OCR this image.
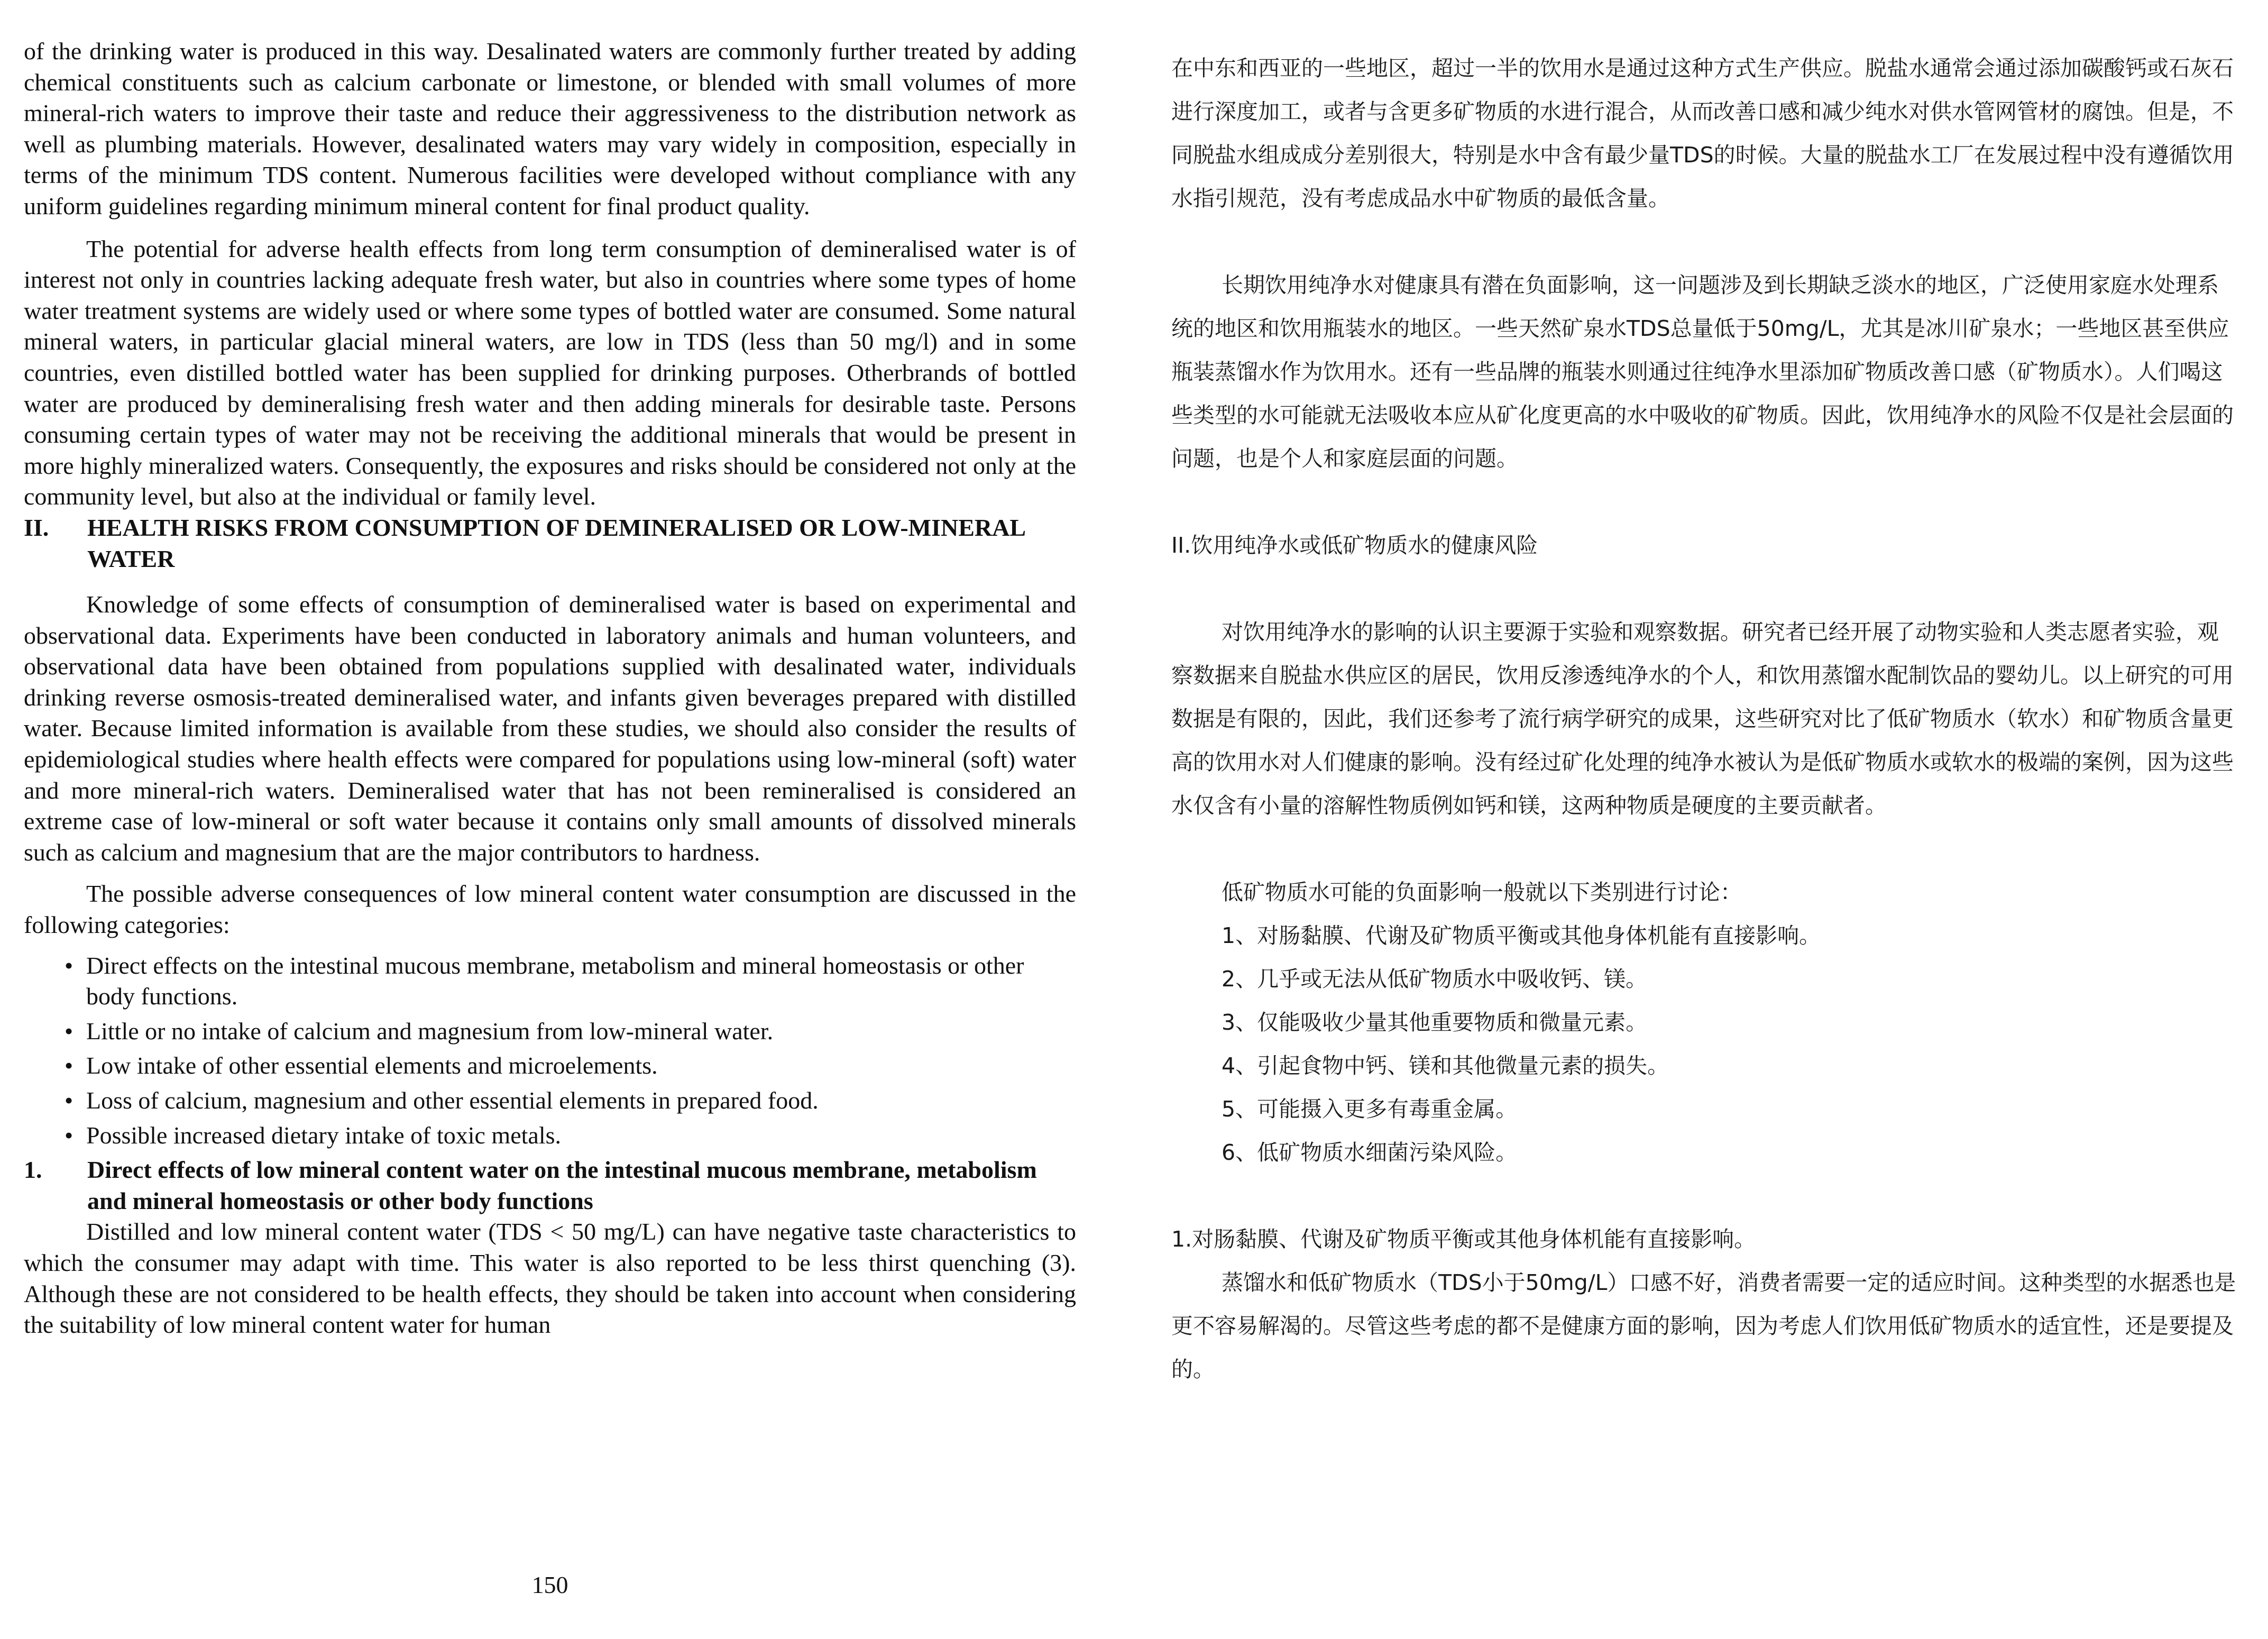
of the drinking water is produced in this way. Desalinated waters are commonly further treated by adding chemical constituents such as calcium carbonate or limestone, or blended with small volumes of more mineral-rich waters to improve their taste and reduce their aggressiveness to the distribution network as well as plumbing materials. However, desalinated waters may vary widely in composition, especially in terms of the minimum TDS content. Numerous facilities were developed without compliance with any uniform guidelines regarding minimum mineral content for final product quality.

The potential for adverse health effects from long term consumption of demineralised water is of interest not only in countries lacking adequate fresh water, but also in countries where some types of home water treatment systems are widely used or where some types of bottled water are consumed. Some natural mineral waters, in particular glacial mineral waters, are low in TDS (less than 50 mg/l) and in some countries, even distilled bottled water has been supplied for drinking purposes. Otherbrands of bottled water are produced by demineralising fresh water and then adding minerals for desirable taste. Persons consuming certain types of water may not be receiving the additional minerals that would be present in more highly mineralized waters. Consequently, the exposures and risks should be considered not only at the community level, but also at the individual or family level.

II.	HEALTH RISKS FROM CONSUMPTION OF DEMINERALISED OR LOW-MINERAL WATER

Knowledge of some effects of consumption of demineralised water is based on experimental and observational data. Experiments have been conducted in laboratory animals and human volunteers, and observational data have been obtained from populations supplied with desalinated water, individuals drinking reverse osmosis-treated demineralised water, and infants given beverages prepared with distilled water. Because limited information is available from these studies, we should also consider the results of epidemiological studies where health effects were compared for populations using low-mineral (soft) water and more mineral-rich waters. Demineralised water that has not been remineralised is considered an extreme case of low-mineral or soft water because it contains only small amounts of dissolved minerals such as calcium and magnesium that are the major contributors to hardness.

The possible adverse consequences of low mineral content water consumption are discussed in the following categories:

• Direct effects on the intestinal mucous membrane, metabolism and mineral homeostasis or other body functions.
• Little or no intake of calcium and magnesium from low-mineral water.
• Low intake of other essential elements and microelements.
• Loss of calcium, magnesium and other essential elements in prepared food.
• Possible increased dietary intake of toxic metals.
1.	Direct effects of low mineral content water on the intestinal mucous membrane, metabolism and mineral homeostasis or other body functions

Distilled and low mineral content water (TDS < 50 mg/L) can have negative taste characteristics to which the consumer may adapt with time. This water is also reported to be less thirst quenching (3). Although these are not considered to be health effects, they should be taken into account when considering the suitability of low mineral content water for human

150

在中东和西亚的一些地区，超过一半的饮用水是通过这种方式生产供应。脱盐水通常会通过添加碳酸钙或石灰石进行深度加工，或者与含更多矿物质的水进行混合，从而改善口感和减少纯水对供水管网管材的腐蚀。但是，不同脱盐水组成成分差别很大，特别是水中含有最少量TDS的时候。大量的脱盐水工厂在发展过程中没有遵循饮用水指引规范，没有考虑成品水中矿物质的最低含量。

长期饮用纯净水对健康具有潜在负面影响，这一问题涉及到长期缺乏淡水的地区，广泛使用家庭水处理系统的地区和饮用瓶装水的地区。一些天然矿泉水TDS总量低于50mg/L，尤其是冰川矿泉水；一些地区甚至供应瓶装蒸馏水作为饮用水。还有一些品牌的瓶装水则通过往纯净水里添加矿物质改善口感（矿物质水）。人们喝这些类型的水可能就无法吸收本应从矿化度更高的水中吸收的矿物质。因此，饮用纯净水的风险不仅是社会层面的问题，也是个人和家庭层面的问题。

II.饮用纯净水或低矿物质水的健康风险

对饮用纯净水的影响的认识主要源于实验和观察数据。研究者已经开展了动物实验和人类志愿者实验，观察数据来自脱盐水供应区的居民，饮用反渗透纯净水的个人，和饮用蒸馏水配制饮品的婴幼儿。以上研究的可用数据是有限的，因此，我们还参考了流行病学研究的成果，这些研究对比了低矿物质水（软水）和矿物质含量更高的饮用水对人们健康的影响。没有经过矿化处理的纯净水被认为是低矿物质水或软水的极端的案例，因为这些水仅含有小量的溶解性物质例如钙和镁，这两种物质是硬度的主要贡献者。

低矿物质水可能的负面影响一般就以下类别进行讨论：

1、对肠黏膜、代谢及矿物质平衡或其他身体机能有直接影响。

2、几乎或无法从低矿物质水中吸收钙、镁。

3、仅能吸收少量其他重要物质和微量元素。

4、引起食物中钙、镁和其他微量元素的损失。

5、可能摄入更多有毒重金属。

6、低矿物质水细菌污染风险。

1.对肠黏膜、代谢及矿物质平衡或其他身体机能有直接影响。

蒸馏水和低矿物质水（TDS小于50mg/L）口感不好，消费者需要一定的适应时间。这种类型的水据悉也是更不容易解渴的。尽管这些考虑的都不是健康方面的影响，因为考虑人们饮用低矿物质水的适宜性，还是要提及的。
